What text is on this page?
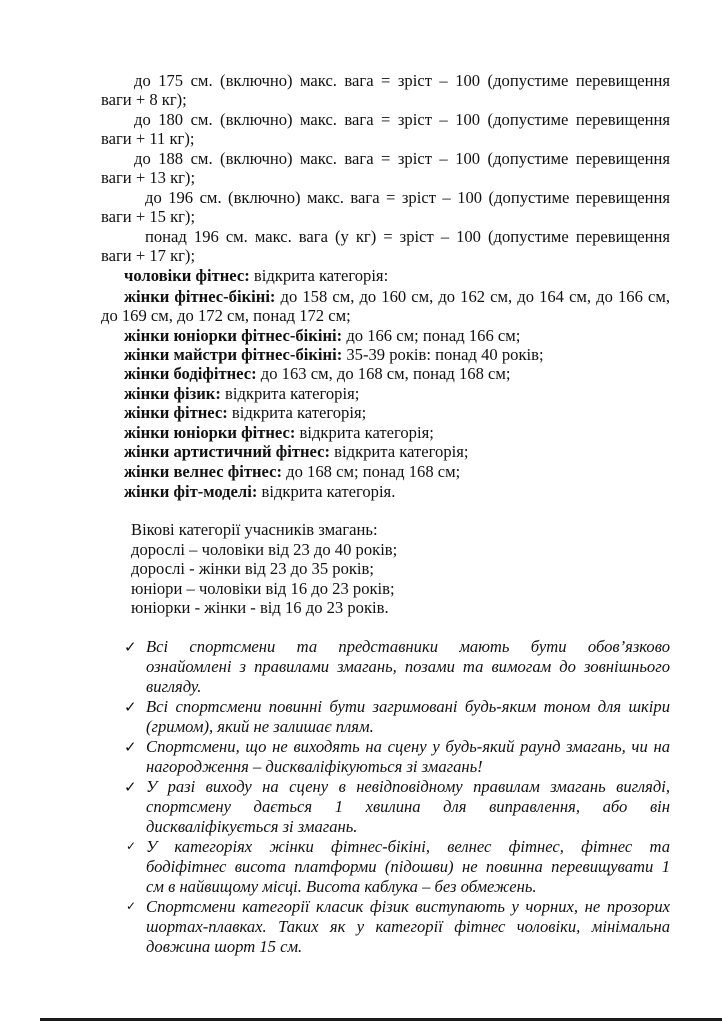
до 175 см. (включно) макс. вага = зріст – 100 (допустиме перевищення
ваги + 8 кг);
до 180 см. (включно) макс. вага = зріст – 100 (допустиме перевищення
ваги + 11 кг);
до 188 см. (включно) макс. вага = зріст – 100 (допустиме перевищення
ваги + 13 кг);
до 196 см. (включно) макс. вага = зріст – 100 (допустиме перевищення
ваги + 15 кг);
понад 196 см. макс. вага (у кг) = зріст – 100 (допустиме перевищення
ваги + 17 кг);
чоловіки фітнес: відкрита категорія:
жінки фітнес-бікіні: до 158 см, до 160 см, до 162 см, до 164 см, до 166 см,
до 169 см, до 172 см, понад 172 см;
жінки юніорки фітнес-бікіні: до 166 см; понад 166 см;
жінки майстри фітнес-бікіні: 35-39 років: понад 40 років;
жінки бодіфітнес: до 163 см, до 168 см, понад 168 см;
жінки фізик: відкрита категорія;
жінки фітнес: відкрита категорія;
жінки юніорки фітнес: відкрита категорія;
жінки артистичний фітнес: відкрита категорія;
жінки велнес фітнес: до 168 см; понад 168 см;
жінки фіт-моделі: відкрита категорія.
Вікові категорії учасників змагань:
дорослі – чоловіки від 23 до 40 років;
дорослі - жінки від 23 до 35 років;
юніори – чоловіки від 16 до 23 років;
юніорки - жінки - від 16 до 23 років.
✓ Всі спортсмени та представники мають бути обов’язково
ознайомлені з правилами змагань, позами та вимогам до зовнішнього
вигляду.
✓ Всі спортсмени повинні бути загримовані будь-яким тоном для шкіри
(гримом), який не залишає плям.
✓ Спортсмени, що не виходять на сцену у будь-який раунд змагань, чи на
нагородження – дискваліфікуються зі змагань!
✓ У разі виходу на сцену в невідповідному правилам змагань вигляді,
спортсмену дається 1 хвилина для виправлення, або він
дискваліфікується зі змагань.
✓ У категоріях жінки фітнес-бікіні, велнес фітнес, фітнес та
бодіфітнес висота платформи (підошви) не повинна перевищувати 1
см в найвищому місці. Висота каблука – без обмежень.
✓ Спортсмени категорії класик фізик виступають у чорних, не прозорих
шортах-плавках. Таких як у категорії фітнес чоловіки, мінімальна
довжина шорт 15 см.
